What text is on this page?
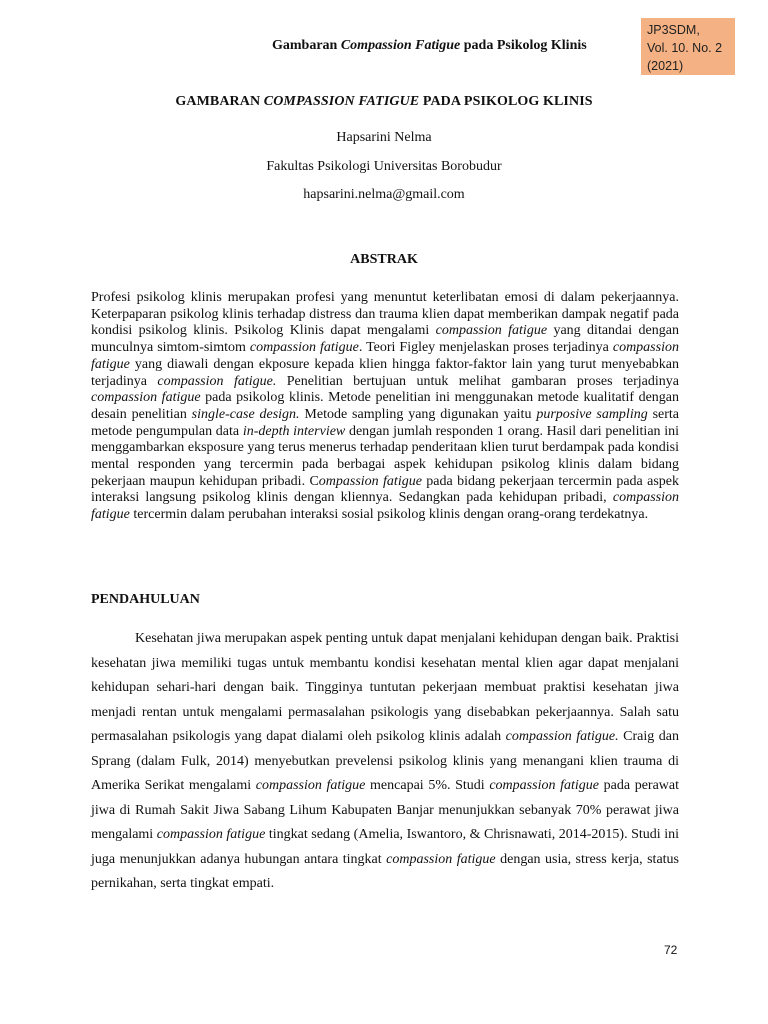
JP3SDM,
Vol. 10. No. 2
(2021)
Gambaran Compassion Fatigue pada Psikolog Klinis
GAMBARAN COMPASSION FATIGUE PADA PSIKOLOG KLINIS
Hapsarini Nelma
Fakultas Psikologi Universitas Borobudur
hapsarini.nelma@gmail.com
ABSTRAK
Profesi psikolog klinis merupakan profesi yang menuntut keterlibatan emosi di dalam pekerjaannya. Keterpaparan psikolog klinis terhadap distress dan trauma klien dapat memberikan dampak negatif pada kondisi psikolog klinis. Psikolog Klinis dapat mengalami compassion fatigue yang ditandai dengan munculnya simtom-simtom compassion fatigue. Teori Figley menjelaskan proses terjadinya compassion fatigue yang diawali dengan ekposure kepada klien hingga faktor-faktor lain yang turut menyebabkan terjadinya compassion fatigue. Penelitian bertujuan untuk melihat gambaran proses terjadinya compassion fatigue pada psikolog klinis. Metode penelitian ini menggunakan metode kualitatif dengan desain penelitian single-case design. Metode sampling yang digunakan yaitu purposive sampling serta metode pengumpulan data in-depth interview dengan jumlah responden 1 orang. Hasil dari penelitian ini menggambarkan eksposure yang terus menerus terhadap penderitaan klien turut berdampak pada kondisi mental responden yang tercermin pada berbagai aspek kehidupan psikolog klinis dalam bidang pekerjaan maupun kehidupan pribadi. Compassion fatigue pada bidang pekerjaan tercermin pada aspek interaksi langsung psikolog klinis dengan kliennya. Sedangkan pada kehidupan pribadi, compassion fatigue tercermin dalam perubahan interaksi sosial psikolog klinis dengan orang-orang terdekatnya.
PENDAHULUAN
Kesehatan jiwa merupakan aspek penting untuk dapat menjalani kehidupan dengan baik. Praktisi kesehatan jiwa memiliki tugas untuk membantu kondisi kesehatan mental klien agar dapat menjalani kehidupan sehari-hari dengan baik. Tingginya tuntutan pekerjaan membuat praktisi kesehatan jiwa menjadi rentan untuk mengalami permasalahan psikologis yang disebabkan pekerjaannya. Salah satu permasalahan psikologis yang dapat dialami oleh psikolog klinis adalah compassion fatigue. Craig dan Sprang (dalam Fulk, 2014) menyebutkan prevelensi psikolog klinis yang menangani klien trauma di Amerika Serikat mengalami compassion fatigue mencapai 5%. Studi compassion fatigue pada perawat jiwa di Rumah Sakit Jiwa Sabang Lihum Kabupaten Banjar menunjukkan sebanyak 70% perawat jiwa mengalami compassion fatigue tingkat sedang (Amelia, Iswantoro, & Chrisnawati, 2014-2015). Studi ini juga menunjukkan adanya hubungan antara tingkat compassion fatigue dengan usia, stress kerja, status pernikahan, serta tingkat empati.
72
